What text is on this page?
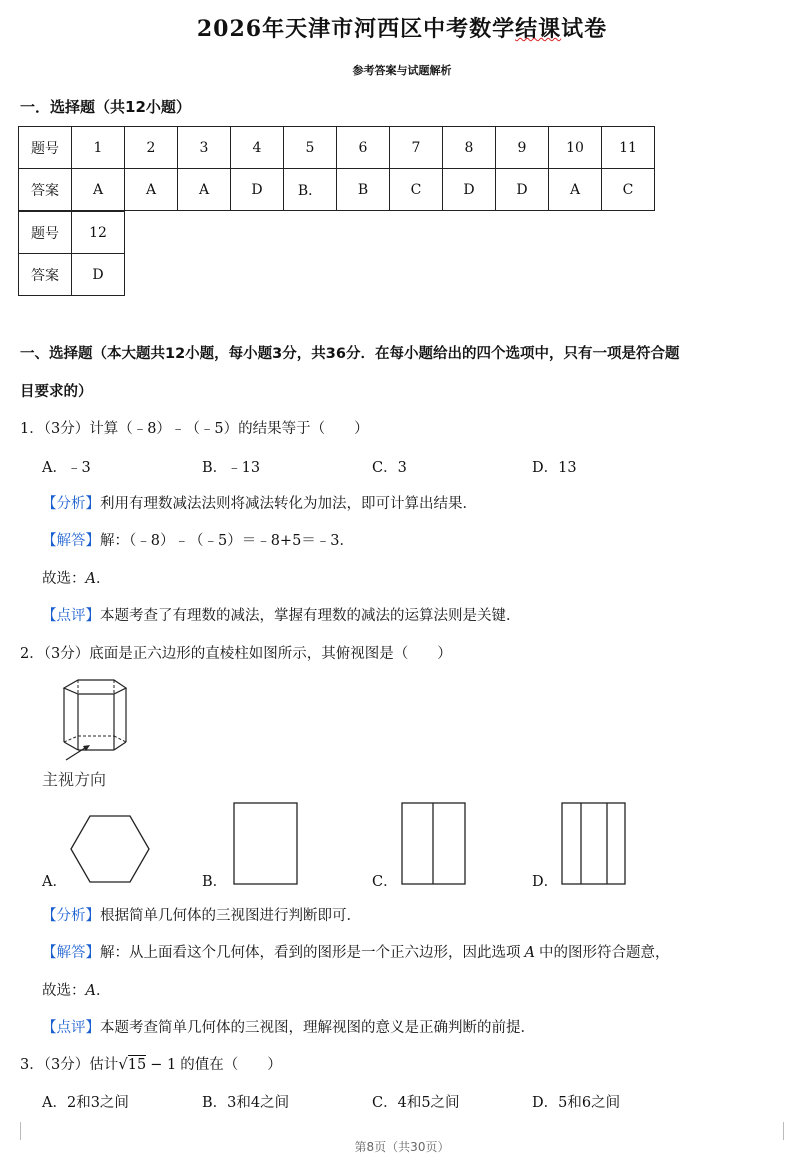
2026年天津市河西区中考数学结课试卷
参考答案与试题解析
一．选择题（共12小题）
题号	1	2	3	4	5	6	7	8	9	10	11
答案	A	A	A	D	B．	B	C	D	D	A	C
题号	12
答案	D
一、选择题（本大题共12小题，每小题3分，共36分．在每小题给出的四个选项中，只有一项是符合题
目要求的）
1．（3分）计算（﹣8）﹣（﹣5）的结果等于（　　）
A．﹣3	B．﹣13	C．3	D．13
【分析】利用有理数减法法则将减法转化为加法，即可计算出结果．
【解答】解：（﹣8）﹣（﹣5）＝﹣8+5＝﹣3．
故选：A．
【点评】本题考查了有理数的减法，掌握有理数的减法的运算法则是关键．
2．（3分）底面是正六边形的直棱柱如图所示，其俯视图是（　　）
主视方向
A．	B．	C．	D．
【分析】根据简单几何体的三视图进行判断即可．
【解答】解：从上面看这个几何体，看到的图形是一个正六边形，因此选项 A 中的图形符合题意，
故选：A．
【点评】本题考查简单几何体的三视图，理解视图的意义是正确判断的前提．
3．（3分）估计√15 − 1 的值在（　　）
A．2和3之间	B．3和4之间	C．4和5之间	D．5和6之间
第8页（共30页）
